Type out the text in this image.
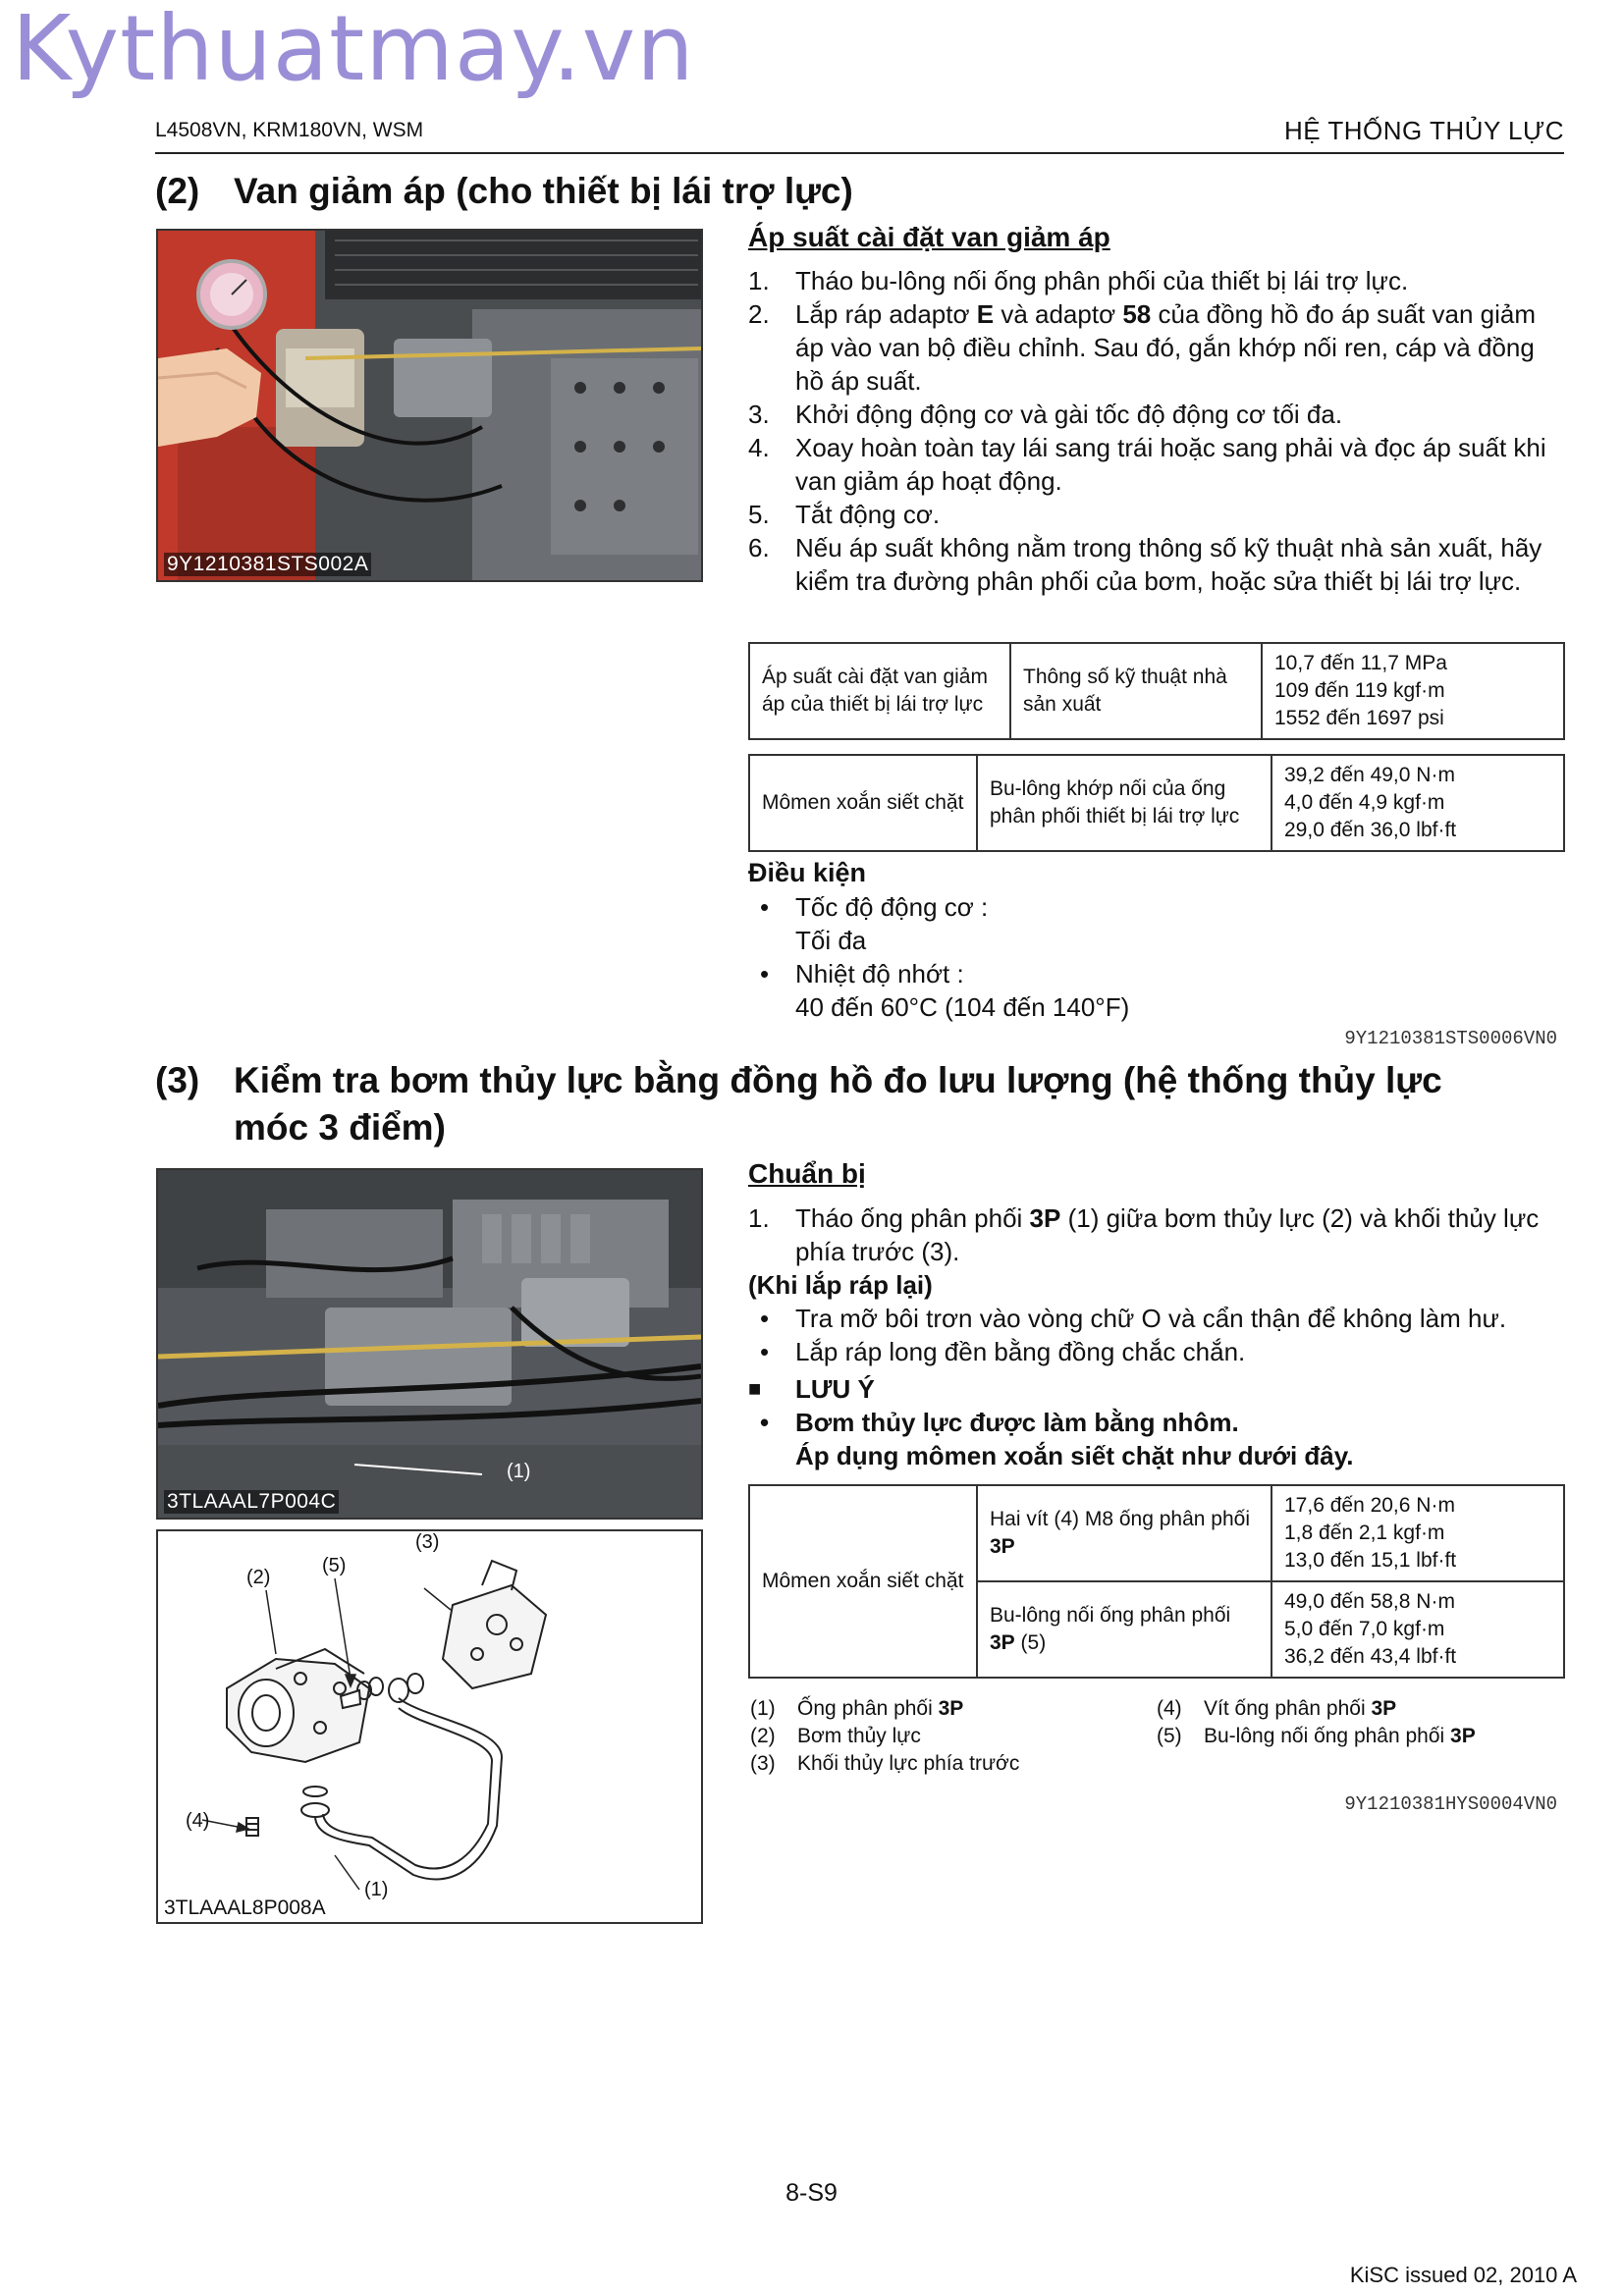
Kythuatmay.vn
L4508VN, KRM180VN, WSM	HỆ THỐNG THỦY LỰC
(2) Van giảm áp (cho thiết bị lái trợ lực)
9Y1210381STS002A
Áp suất cài đặt van giảm áp
1.	Tháo bu-lông nối ống phân phối của thiết bị lái trợ lực.
2.	Lắp ráp adaptơ E và adaptơ 58 của đồng hồ đo áp suất van giảm áp vào van bộ điều chỉnh. Sau đó, gắn khớp nối ren, cáp và đồng hồ áp suất.
3.	Khởi động động cơ và gài tốc độ động cơ tối đa.
4.	Xoay hoàn toàn tay lái sang trái hoặc sang phải và đọc áp suất khi van giảm áp hoạt động.
5.	Tắt động cơ.
6.	Nếu áp suất không nằm trong thông số kỹ thuật nhà sản xuất, hãy kiểm tra đường phân phối của bơm, hoặc sửa thiết bị lái trợ lực.
Áp suất cài đặt van giảm áp của thiết bị lái trợ lực	Thông số kỹ thuật nhà sản xuất	
10,7 đến 11,7 MPa
109 đến 119 kgf·m
1552 đến 1697 psi
Mômen xoắn siết chặt	Bu-lông khớp nối của ống phân phối thiết bị lái trợ lực	
39,2 đến 49,0 N·m
4,0 đến 4,9 kgf·m
29,0 đến 36,0 lbf·ft
Điều kiện
•	Tốc độ động cơ :
Tối đa
•	Nhiệt độ nhớt :
40 đến 60°C (104 đến 140°F)
9Y1210381STS0006VN0
(3) Kiểm tra bơm thủy lực bằng đồng hồ đo lưu lượng (hệ thống thủy lực
móc 3 điểm)
(1)
3TLAAAL7P004C
(3)
(2)
(5)
(4)
(1)
3TLAAAL8P008A
Chuẩn bị
1.	Tháo ống phân phối 3P (1) giữa bơm thủy lực (2) và khối thủy lực phía trước (3).
(Khi lắp ráp lại)
•	Tra mỡ bôi trơn vào vòng chữ O và cẩn thận để không làm hư.
•	Lắp ráp long đền bằng đồng chắc chắn.
■	LƯU Ý
•	Bơm thủy lực được làm bằng nhôm.
Áp dụng mômen xoắn siết chặt như dưới đây.
Mômen xoắn siết chặt	Hai vít (4) M8 ống phân phối 3P	17,6 đến 20,6 N·m
1,8 đến 2,1 kgf·m
13,0 đến 15,1 lbf·ft

	Bu-lông nối ống phân phối 3P (5)	49,0 đến 58,8 N·m
5,0 đến 7,0 kgf·m
36,2 đến 43,4 lbf·ft
(1) Ống phân phối 3P
(2) Bơm thủy lực
(3) Khối thủy lực phía trước
(4) Vít ống phân phối 3P
(5) Bu-lông nối ống phân phối 3P
9Y1210381HYS0004VN0
8-S9
KiSC issued 02, 2010 A
